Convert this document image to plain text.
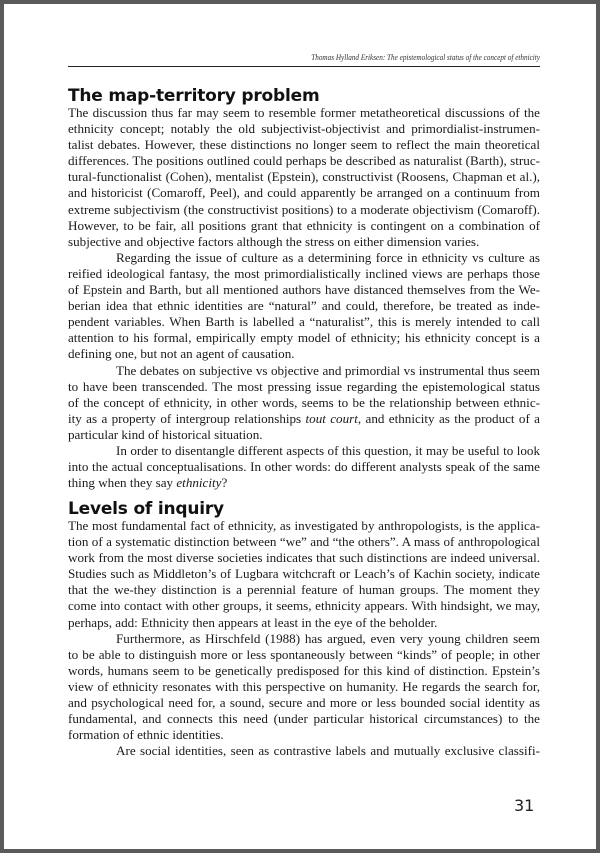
Thomas Hylland Eriksen: The epistemological status of the concept of ethnicity
The map-territory problem
The discussion thus far may seem to resemble former metatheoretical discussions of the
ethnicity concept; notably the old subjectivist-objectivist and primordialist-instrumen-
talist debates. However, these distinctions no longer seem to reflect the main theoretical
differences. The positions outlined could perhaps be described as naturalist (Barth), struc-
tural-functionalist (Cohen), mentalist (Epstein), constructivist (Roosens, Chapman et al.),
and historicist (Comaroff, Peel), and could apparently be arranged on a continuum from
extreme subjectivism (the constructivist positions) to a moderate objectivism (Comaroff).
However, to be fair, all positions grant that ethnicity is contingent on a combination of
subjective and objective factors although the stress on either dimension varies.
Regarding the issue of culture as a determining force in ethnicity vs culture as
reified ideological fantasy, the most primordialistically inclined views are perhaps those
of Epstein and Barth, but all mentioned authors have distanced themselves from the We-
berian idea that ethnic identities are “natural” and could, therefore, be treated as inde-
pendent variables. When Barth is labelled a “naturalist”, this is merely intended to call
attention to his formal, empirically empty model of ethnicity; his ethnicity concept is a
defining one, but not an agent of causation.
The debates on subjective vs objective and primordial vs instrumental thus seem
to have been transcended. The most pressing issue regarding the epistemological status
of the concept of ethnicity, in other words, seems to be the relationship between ethnic-
ity as a property of intergroup relationships tout court, and ethnicity as the product of a
particular kind of historical situation.
In order to disentangle different aspects of this question, it may be useful to look
into the actual conceptualisations. In other words: do different analysts speak of the same
thing when they say ethnicity?
Levels of inquiry
The most fundamental fact of ethnicity, as investigated by anthropologists, is the applica-
tion of a systematic distinction between “we” and “the others”. A mass of anthropological
work from the most diverse societies indicates that such distinctions are indeed universal.
Studies such as Middleton’s of Lugbara witchcraft or Leach’s of Kachin society, indicate
that the we-they distinction is a perennial feature of human groups. The moment they
come into contact with other groups, it seems, ethnicity appears. With hindsight, we may,
perhaps, add: Ethnicity then appears at least in the eye of the beholder.
Furthermore, as Hirschfeld (1988) has argued, even very young children seem
to be able to distinguish more or less spontaneously between “kinds” of people; in other
words, humans seem to be genetically predisposed for this kind of distinction. Epstein’s
view of ethnicity resonates with this perspective on humanity. He regards the search for,
and psychological need for, a sound, secure and more or less bounded social identity as
fundamental, and connects this need (under particular historical circumstances) to the
formation of ethnic identities.
Are social identities, seen as contrastive labels and mutually exclusive classifi-
31
